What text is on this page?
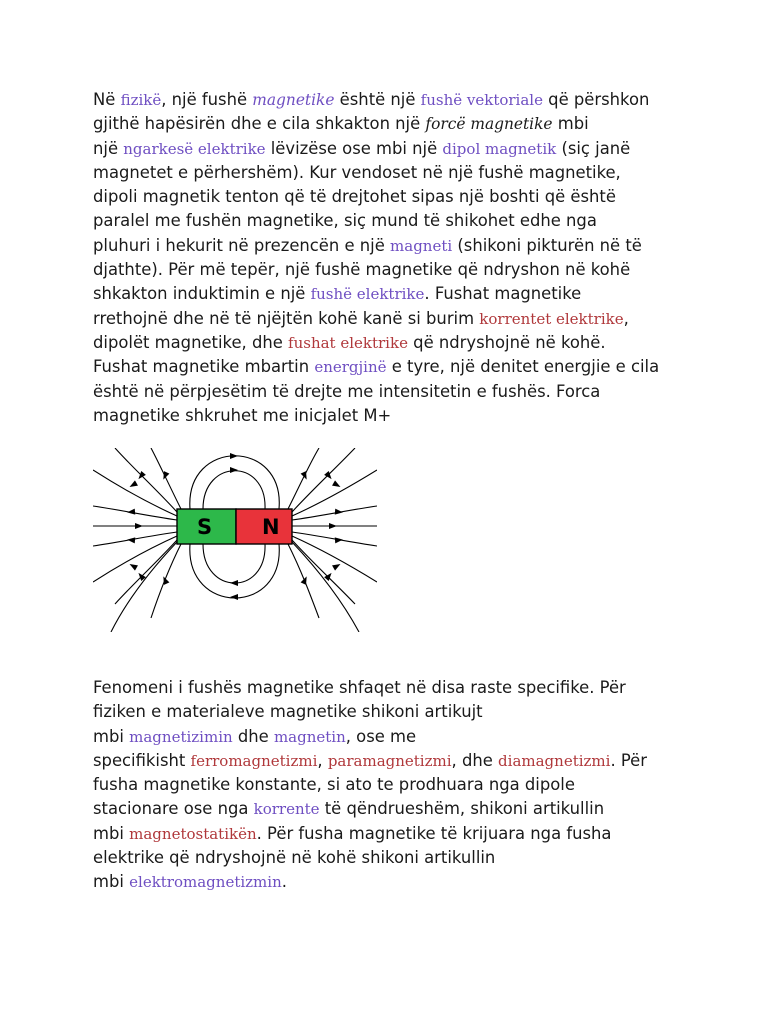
Në fizikë, një fushë magnetike është një fushë vektoriale që përshkon
gjithë hapësirën dhe e cila shkakton një forcë magnetike mbi
një ngarkesë elektrike lëvizëse ose mbi një dipol magnetik (siç janë
magnetet e përhershëm). Kur vendoset në një fushë magnetike,
dipoli magnetik tenton që të drejtohet sipas një boshti që është
paralel me fushën magnetike, siç mund të shikohet edhe nga
pluhuri i hekurit në prezencën e një magneti (shikoni pikturën në të
djathte). Për më tepër, një fushë magnetike që ndryshon në kohë
shkakton induktimin e një fushë elektrike. Fushat magnetike
rrethojnë dhe në të njëjtën kohë kanë si burim korrentet elektrike,
dipolët magnetike, dhe fushat elektrike që ndryshojnë në kohë.
Fushat magnetike mbartin energjinë e tyre, një denitet energjie e cila
është në përpjesëtim të drejte me intensitetin e fushës. Forca
magnetike shkruhet me inicjalet M+
S N
Fenomeni i fushës magnetike shfaqet në disa raste specifike. Për
fiziken e materialeve magnetike shikoni artikujt
mbi magnetizimin dhe magnetin, ose me
specifikisht ferromagnetizmi, paramagnetizmi, dhe diamagnetizmi. Për
fusha magnetike konstante, si ato te prodhuara nga dipole
stacionare ose nga korrente të qëndrueshëm, shikoni artikullin
mbi magnetostatikën. Për fusha magnetike të krijuara nga fusha
elektrike që ndryshojnë në kohë shikoni artikullin
mbi elektromagnetizmin.
